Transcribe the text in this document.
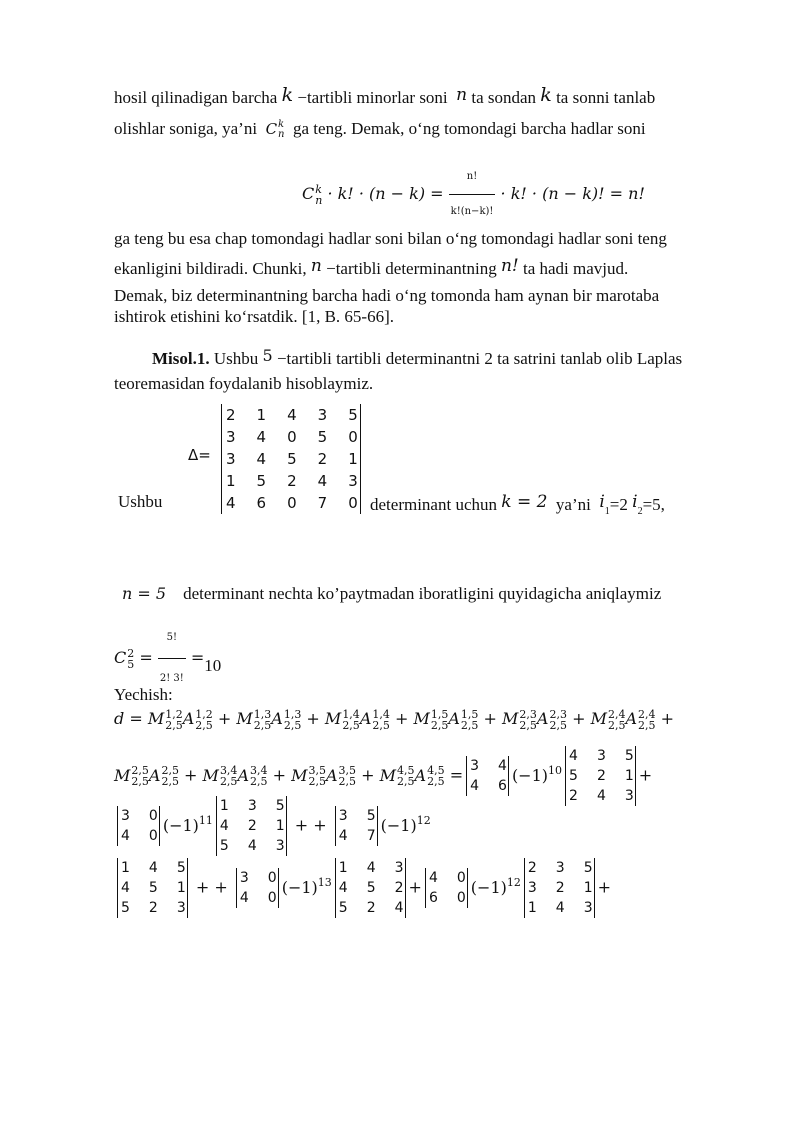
hosil qilinadigan barcha k −tartibli minorlar soni n ta sondan k ta sonni tanlab
olishlar soniga, ya’ni C k
n ga teng. Demak, o‘ng tomondagi barcha hadlar soni
C k
n · k! · $(n - k) = \frac{n!}{k!(n-k)!} \cdot k$! · (n − k)! = n!
ga teng bu esa chap tomondagi hadlar soni bilan o‘ng tomondagi hadlar soni teng
ekanligini bildiradi. Chunki, n −tartibli determinantning n! ta hadi mavjud.
Demak, biz determinantning barcha hadi o‘ng tomonda ham aynan bir marotaba
ishtirok etishini ko‘rsatdik. [1, B. 65-66].
Misol.1. Ushbu 5 −tartibli tartibli determinantni 2 ta satrini tanlab olib Laplas
teoremasidan foydalanib hisoblaymiz.
Δ=
2	1	4	3	5
3	4	0	5	0
3	4	5	2	1
1	5	2	4	3
4	6	0	7	0
Ushbu	determinant uchun k = 2 ya’ni $i_1=2$ $i_2=5$,
n = 5 determinant nechta ko’paytmadan iboratligini quyidagicha aniqlaymiz
C 2
$5 = \frac{5!}{2! 3!} =10$
Yechish:
d = M 1,2
2,5 A 1,2
2,5 + M 1,3
2,5 A 1,3
2,5 + M 1,4
2,5 A 1,4
2,5 + M 1,5
2,5 A 1,5
2,5 + M 2,3
2,5 A 2,3
2,5 + M 2,4
2,5 A 2,4
2,5 +
M 2,5
2,5 A 2,5
2,5 + M 3,4
2,5 A 3,4
2,5 + M 3,5
2,5 A 3,5
2,5 + M 4,5
2,5 A 4,5
2,5 = 3	4
4	6
$(-1)^{10}$
4	3	5
5	2	1
2	4	3
+
3	0
4	0
$(-1)^{11}$
1	3	5
4	2	1
5	4	3
+ + 3	5
4	7
$(-1)^{12}$
1	4	5
4	5	1
5	2	3
+ + 3	0
4	0
$(-1)^{13}$
1	4	3
4	5	2
5	2	4
+ 4	0
6	0
$(-1)^{12}$
2	3	5
3	2	1
1	4	3
+
